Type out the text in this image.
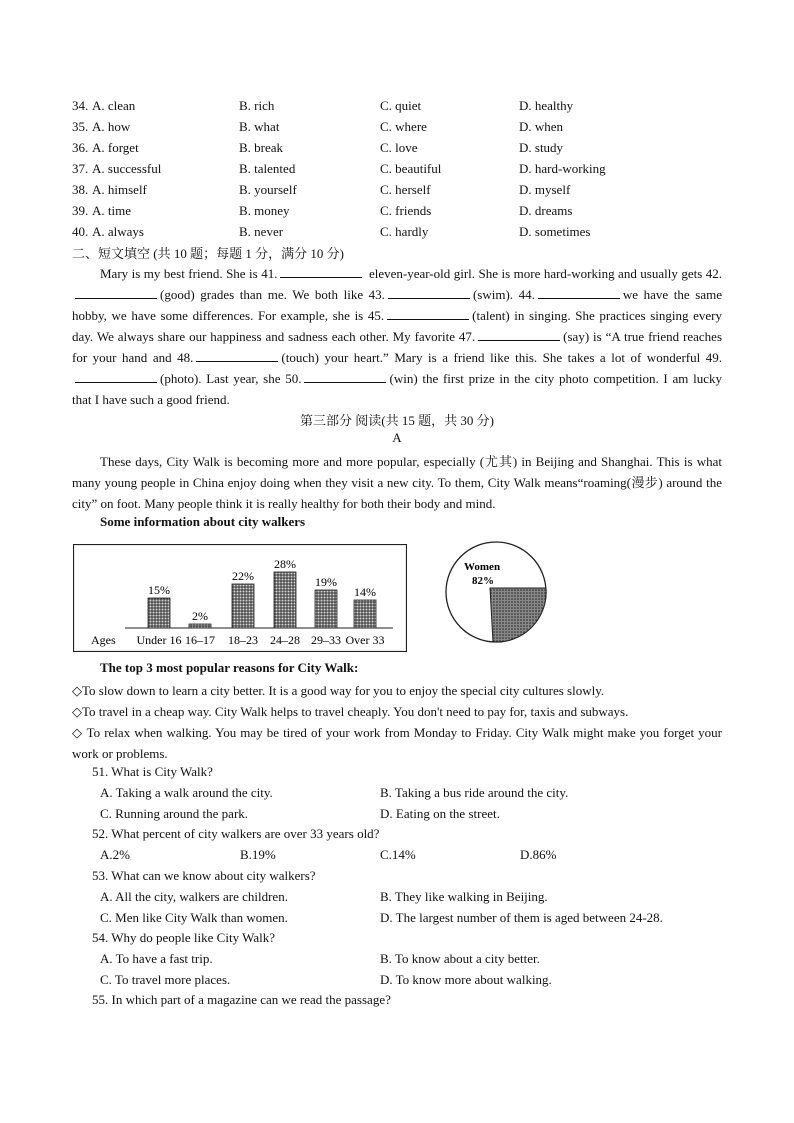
34. A. clean	B. rich	C. quiet	D. healthy
35. A. how	B. what	C. where	D. when
36. A. forget	B. break	C. love	D. study
37. A. successful	B. talented	C. beautiful	D. hard-working
38. A. himself	B. yourself	C. herself	D. myself
39. A. time	B. money	C. friends	D. dreams
40. A. always	B. never	C. hardly	D. sometimes
二、短文填空 (共 10 题；每题 1 分，满分 10 分)
Mary is my best friend. She is 41.	eleven-year-old girl. She is more hard-working and usually gets 42.(good) grades than me. We both like 43.	(swim). 44.	we have the same hobby, we have some differences. For example, she is 45.	(talent) in singing. She practices singing every day. We always share our happiness and sadness each other. My favorite 47.	(say) is “A true friend reaches for your hand and 48.	(touch) your heart.” Mary is a friend like this. She takes a lot of wonderful 49.(photo). Last year, she 50.	(win) the first prize in the city photo competition. I am lucky that I have such a good friend.
第三部分 阅读(共 15 题，共 30 分)
A
These days, City Walk is becoming more and more popular, especially (尤其) in Beijing and Shanghai. This is what many young people in China enjoy doing when they visit a new city. To them, City Walk means“roaming(漫步) around the city” on foot. Many people think it is really healthy for both their body and mind.
Some information about city walkers
Ages
15%
Under 16
2%
16–17
22%
18–23
28%
24–28
19%
29–33
14%
Over 33
Women
82%
The top 3 most popular reasons for City Walk:
◇To slow down to learn a city better. It is a good way for you to enjoy the special city cultures slowly.
◇To travel in a cheap way. City Walk helps to travel cheaply. You don't need to pay for, taxis and subways.
◇ To relax when walking. You may be tired of your work from Monday to Friday. City Walk might make you forget your work or problems.
51. What is City Walk?
A. Taking a walk around the city.	B. Taking a bus ride around the city.
C. Running around the park.	D. Eating on the street.
52. What percent of city walkers are over 33 years old?
A.2%	B.19%	C.14%	D.86%
53. What can we know about city walkers?
A. All the city, walkers are children.	B. They like walking in Beijing.
C. Men like City Walk than women.	D. The largest number of them is aged between 24-28.
54. Why do people like City Walk?
A. To have a fast trip.	B. To know about a city better.
C. To travel more places.	D. To know more about walking.
55. In which part of a magazine can we read the passage?
